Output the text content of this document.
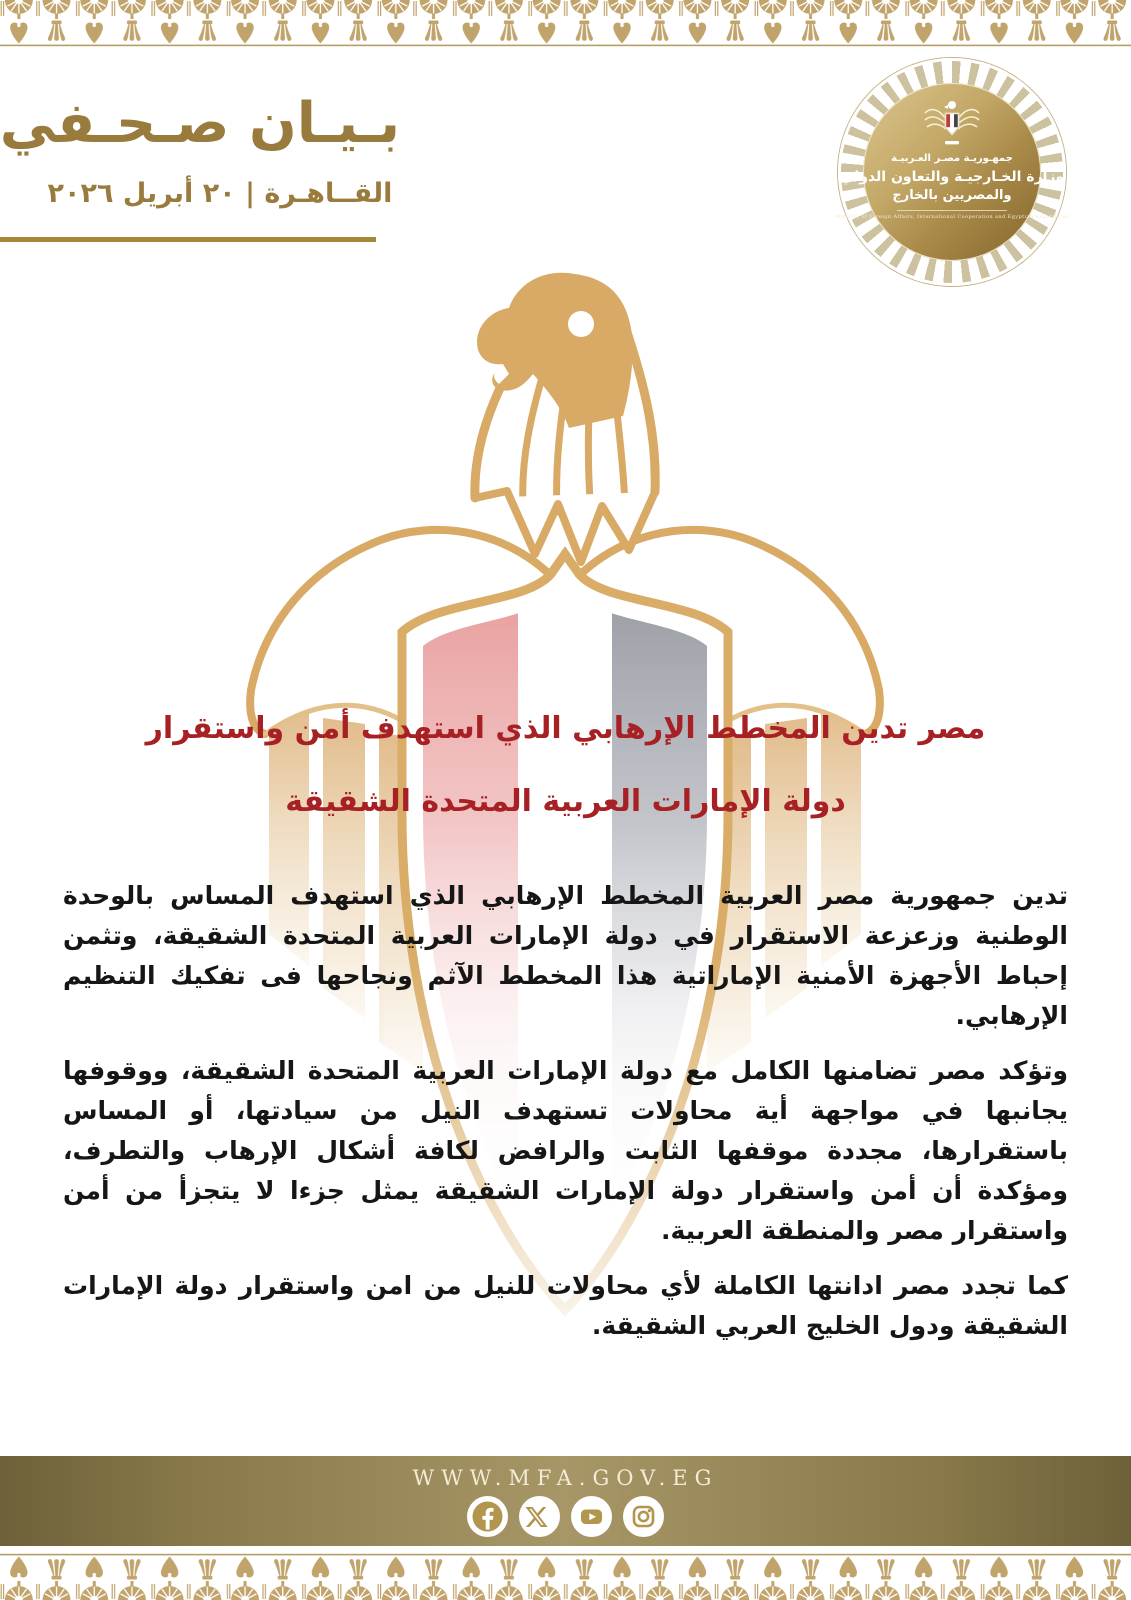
بـيـان صـحـفي
القــاهـرة | ٢٠ أبريل ٢٠٢٦
جمهـوريـة مصـر العـربيـة
وزارة الخـارجيـة والتعاون الدولي
والمصريين بالخارج
Ministry of Foreign Affairs, International Cooperation and Egyptian Expatriates
مصر تدين المخطط الإرهابي الذي استهدف أمن واستقرار
دولة الإمارات العربية المتحدة الشقيقة

تدين جمهورية مصر العربية المخطط الإرهابي الذي استهدف المساس بالوحدة الوطنية وزعزعة الاستقرار في دولة الإمارات العربية المتحدة الشقيقة، وتثمن إحباط الأجهزة الأمنية الإماراتية هذا المخطط الآثم ونجاحها فى تفكيك التنظيم الإرهابي.

وتؤكد مصر تضامنها الكامل مع دولة الإمارات العربية المتحدة الشقيقة، ووقوفها يجانبها في مواجهة أية محاولات تستهدف النيل من سيادتها، أو المساس باستقرارها، مجددة موقفها الثابت والرافض لكافة أشكال الإرهاب والتطرف، ومؤكدة أن أمن واستقرار دولة الإمارات الشقيقة يمثل جزءا لا يتجزأ من أمن واستقرار مصر والمنطقة العربية.

كما تجدد مصر ادانتها الكاملة لأي محاولات للنيل من امن واستقرار دولة الإمارات الشقيقة ودول الخليج العربي الشقيقة.

WWW.MFA.GOV.EG
